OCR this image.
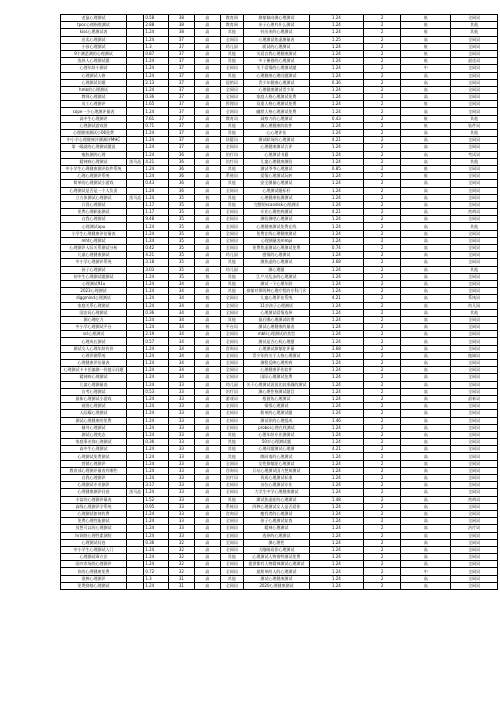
老鼠心理测试		0.58	38	高	教育网	抑郁倾向测心理测试	1.24	2	低	全网词
tpoc心理指数测试		2.88	38	高	教育网	亲子心理有什么测试	1.24	2	低	其他
kiss心理测试表		1.24	38	高	其他	抖出来的心理测试	1.24	2	低	其他
出卖心理测试		1.24	37	高	全网词	心理测试焦虑测量表	1.25	2	高	全网词
小孩心理测试		1.3	37	高	幼儿园	面试的心理测试	1.24	2	低	全网词
9个测恶测的心理测试		0.87	37	高	其他	关爱自我心理健康测试	1.24	2	低	全网词
选择人心理测试题		1.24	37	高	其他	多子横着的心理测试	1.24	2	低	最佳词
心理年龄小测试		1.24	37	高	全网词	关于爱情的心理测试题	1.24	2	中	全网词
心理测试人格		1.24	37	高	其他	心理健康心理问题测试	1.24	2	高	全网词
心理测试切题		2.13	37	高	促销词	青少年健康心理测试	0.36	2	高	全网词
hmb的心理测试		1.24	37	高	全网词	心理健康测试青少年	1.24	2	高	全网词
教师心理测试		0.36	37	高	全网词	家庭人格心理测试免费	1.24	2	高	全网词
员工心理测评		1.65	37	高	管理词	双重人格心理测试免费	1.24	2	低	全网词
cope一少心理测评量表		1.24	37	高	全网词	幽默人格心理测试免费	1.24	2	高	全网词
高中生心理测评		7.61	37	高	教育词	洞察力的心理测试	0.43	2	低	其他
心理测试游戏图		0.71	37	高	其他	测心理健康的软件	1.24	2	低	软件词
心理健康测试小06免费		1.24	37	高	其他	心心理评估	1.24	2	高	其他
中小学心理健康评测测评MHC		1.24	37	高	设疑词	测试职场的心理测试	4.21	2	高	全网词
第一眼就的心理测试题说		1.24	37	高	全网词	心理健康测试合评	1.24	2	高	全网词
瘦脸测的心理		1.24	36	高	治疗词	心理测试书籍	1.24	2	高	考试词
精神病心理测试	黑马品	4.21	36	高	治疗词	儿童心理健康测验	1.24	2	高	其他
中小学生心理健康测评软件系统		1.24	36	高	其他	测试爷爷心理测试	0.85	2	低	全网词
心理心理测评系统		1.24	36	高	系统词	爱情心理测试玩转	1.24	2	低	全网词
简单的心理测试小游戏		0.43	36	高	其他	安全测量心理测试	1.24	2	高	全网词
心理测试是否是一个人负责		1.24	36	高	全网词	心理测试题标杆	1.24	2	高	全网词
立方体测试心理测试	黑马品	1.24	35	低	其他	心理健康检测测试	1.24	2	高	全网词
兵役心理测试		1.17	35	高	其他	完整的scandisk心理测试	1.24	2	高	全网词
免费心理职能测试		1.17	35	高	全网词	专业心理疾病测试	4.21	2	高	疾病词
自我心理测试		9.48	35	高	全网词	测验测吧心理测试	1.24	2	高	全网词
心理测试apu		1.24	35	高	全网词	心理健康测试免费在线	1.24	2	高	其他
小学生心理健康评估量表		1.24	35	高	全网词	免费在线心理健康测试	1.24	2	高	全网词
mht心理测试		1.24	35	高	全网词	心理测量表mmpi	1.24	2	高	全网词
心理测评人际关系测试分析		0.42	35	高	全网词	免费焦虑测试心理测试免费	0.74	2	高	全网词
儿童心理健康测试		4.21	35	高	幼儿园	感情的心理测试	1.24	2	高	全网词
中小学心理测评系统		3.18	35	高	其他	测焦虑的心理测试	3.68	2	高	全网词
孩子心理测试		3.03	35	高	幼儿园	测心理题	1.24	2	高	其他
初中生心理测试题测试		1.24	35	低	其他	江户川乱步的心理测试	1.24	2	高	全网词
心理测试91u		1.24	34	高	其他	测试一下心理年龄	1.24	2	高	全网词
2023心理测试		1.24	34	高	其他	抑郁对郑明种心理疗程的专科门诊	1.24	2	高	全网词
diggmind心理测试		1.24	34	低	全网词	儿童心理评估系统	4.21	2	高	系统词
家庭关系心理测试		1.24	34	高	全网词	11岁孩子心理测试	1.24	2	高	幼儿园
国安局心理测试		0.36	34	高	全网词	心理测试爱情选择	1.24	2	高	其他
测心理吃力		1.24	34	高	其他	最后哪心理测试收费	1.24	2	高	全网词
中小学心理测试平台		1.24	34	低	平台词	测试心理健康的量表	1.24	2	高	全网词
scl心理测试		2.19	34	高	全网词	mbti心理测试的类型	1.24	2	高	全网词
心理成长测试		0.57	34	高	全网词	测试是否心机心理题	1.24	2	高	全网词
测试女人心理年龄有价		1.24	34	高	咨询词	心理测试抑郁症评量	3.68	2	高	全网词
心理评测系统		1.24	34	高	全网词	青少年的关于人格心理测试	1.24	2	高	地域词
心理健康评估量表		1.24	34	高	全网词	测程反映心理疾病	1.24	2	高	全网词
心理测试卡卡任编测一份提示问题		1.24	34	高	全网词	心理健康评估软件	1.24	2	高	全网词
精神病心理测试		1.24	34	高	全网词	国际心理测试免费	1.24	2	高	全网词
儿童心理测量表		1.24	33	高	幼儿园	关于心理测试说说比较准确的测试	1.24	2	高	全网词
自考心理测试		0.53	33	高	治疗词	测心理性格测试题目	1.24	2	高	全网词
最新心理测试小游戏		1.24	33	高	游戏词	根据鱼心理测试	1.24	2	高	最新词
画图心理测试		1.24	33	高	全网词	情缘心理测试	1.24	2	高	全网词
人际耀心理测试		1.24	33	高	全网词	简单的心理测试题	1.24	2	高	全网词
测试心理健康的免费		1.24	33	高	全网词	测试你的心理组成	1.46	2	高	全网词
辅导心理测试		1.24	33	高	全网词	proboi心理在线测试	1.24	2	高	全网词
测试心理变态		1.24	33	高	其他	心理年龄专业测测试	1.24	2	高	全网词
家庭事业抑心理测试		0.36	33	高	其他	50岁心理测试题	1.24	2	高	全网词
高中生心理测试		1.24	33	高	其他	心理问题测试心理测	4.21	2	高	全网词
心理测试免费测试		1.24	33	高	其他	瞧同请的心理测试	1.24	2	高	全网词
营销心理测评		1.24	33	高	全网词	女性抑郁症心理测试	1.24	2	高	全网词
教育部心理测评量表有哪些		1.24	33	高	咨询词	兵站心理测试国力想知测试	1.24	2	高	全网词
自我心理测评		1.24	33	高	治疗词	资质心理测试标准	1.24	2	高	全网词
心理测试专业测评		3.17	33	高	全网词	各位心理测试专业	1.24	2	高	全网词
心理健康测评问卷	黑马品	1.24	33	高	全网词	大学生中学心理健康测试	1.24	2	高	全网词
丰富的心理测评量表		1.52	33	高	其他	测试焦虑症的心理测试	1.48	2	高	疾病词
高级心理测评学系统		0.95	33	高	系统词	四种心理测试女人是否爱你	1.24	2	高	全网词
心理测试如何收费		1.24	33	高	咨询词	瘦有者的心理测试	1.24	2	高	全网词
免费心理性能测试		1.24	33	高	全网词	孩子心理测试复查	1.24	2	高	全网词
冥想可以的心理测试		1.24	33	高	全网词	精神心理测试	1.24	2	高	治疗词
hr网络心理性素测验		1.24	33	高	全网词	选择的心理测试	1.24	2	高	全网词
心理测试问卷		0.36	32	高	全网词	测心理性	1.24	2	高	全网词
中小学生心理测试入门		1.24	32	高	全网词	大眼睛看你心理测试	1.24	2	高	全网词
心理测试乘方法		1.24	32	高	其他	心理测试人物推特测试免费	1.24	2	高	全网词
国内市场的心理测评		1.24	32	高	全网词	提供都有人物精神测试心理测试	1.24	2	高	全网词
你的心理健康免费		0.72	32	高	全网词	最简单的人的心理测试	1.24	2	中	全网词
很棒心理测评		1.3	31	高	其他	测试心理健康测试	1.24	2	高	全网词
免费抑郁心理测试		1.24	31	高	全网词	2020心理健康测试	1.24	2	高	全网词
